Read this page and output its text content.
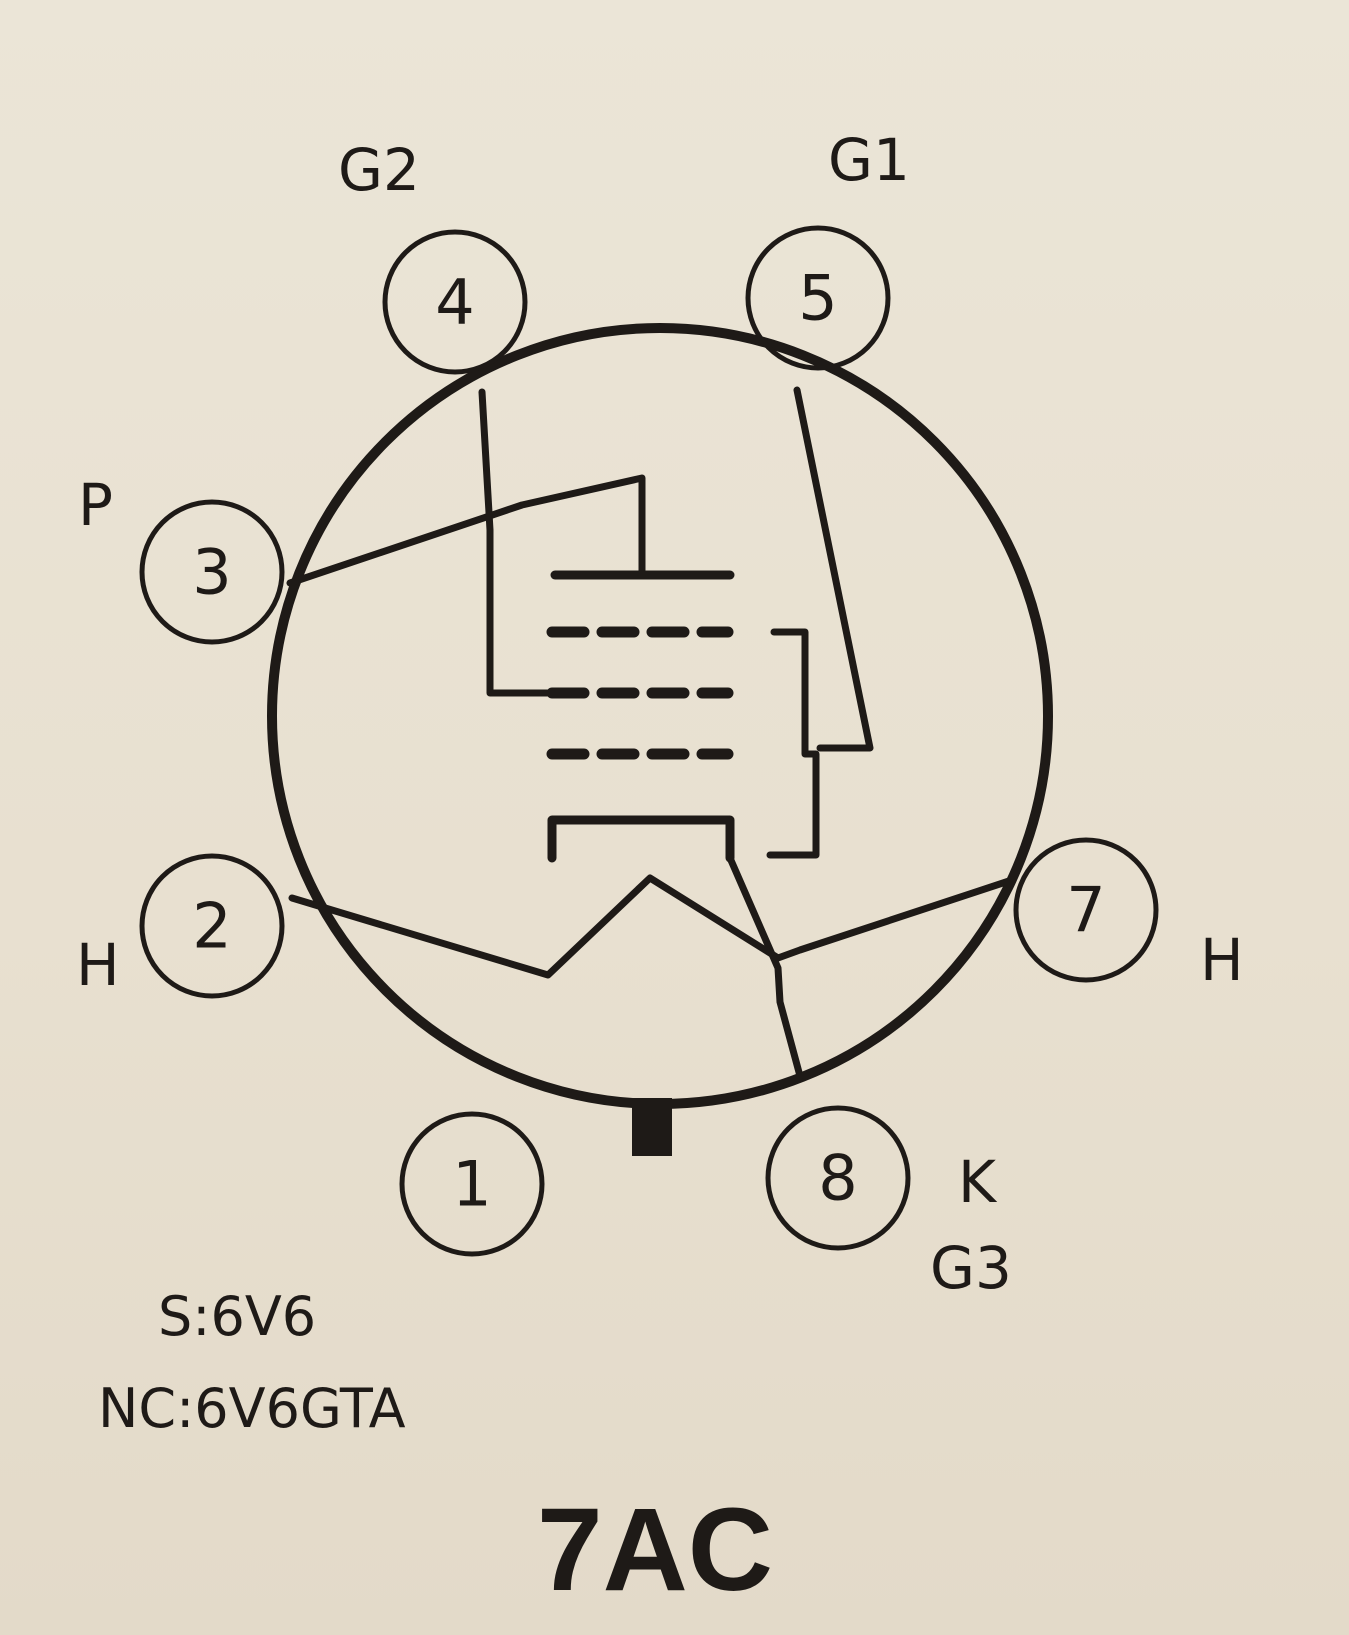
1
2
3
4	5
7
8
H
P
G2	G1
H
K
G3
S:6V6
NC:6V6GTA
7AC
